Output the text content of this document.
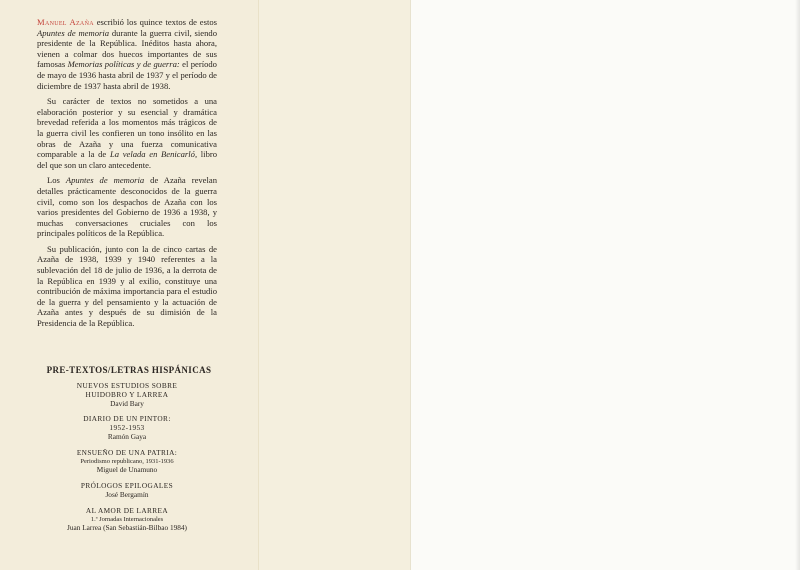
Manuel Azaña escribió los quince textos de estos Apuntes de memoria durante la guerra civil, siendo presidente de la República. Inéditos hasta ahora, vienen a colmar dos huecos importantes de sus famosas Memorias políticas y de guerra: el período de mayo de 1936 hasta abril de 1937 y el período de diciembre de 1937 hasta abril de 1938.

Su carácter de textos no sometidos a una elaboración posterior y su esencial y dramática brevedad referida a los momentos más trágicos de la guerra civil les confieren un tono insólito en las obras de Azaña y una fuerza comunicativa comparable a la de La velada en Benicarló, libro del que son un claro antecedente.

Los Apuntes de memoria de Azaña revelan detalles prácticamente desconocidos de la guerra civil, como son los despachos de Azaña con los varios presidentes del Gobierno de 1936 a 1938, y muchas conversaciones cruciales con los principales políticos de la República.

Su publicación, junto con la de cinco cartas de Azaña de 1938, 1939 y 1940 referentes a la sublevación del 18 de julio de 1936, a la derrota de la República en 1939 y al exilio, constituye una contribución de máxima importancia para el estudio de la guerra y del pensamiento y la actuación de Azaña antes y después de su dimisión de la Presidencia de la República.

PRE-TEXTOS/LETRAS HISPÁNICAS
NUEVOS ESTUDIOS SOBRE
HUIDOBRO Y LARREA
David Bary
DIARIO DE UN PINTOR:
1952-1953
Ramón Gaya
ENSUEÑO DE UNA PATRIA:
Periodismo republicano, 1931-1936
Miguel de Unamuno
PRÓLOGOS EPILOGALES
José Bergamín
AL AMOR DE LARREA
1.ª Jornadas Internacionales
Juan Larrea (San Sebastián-Bilbao 1984)
